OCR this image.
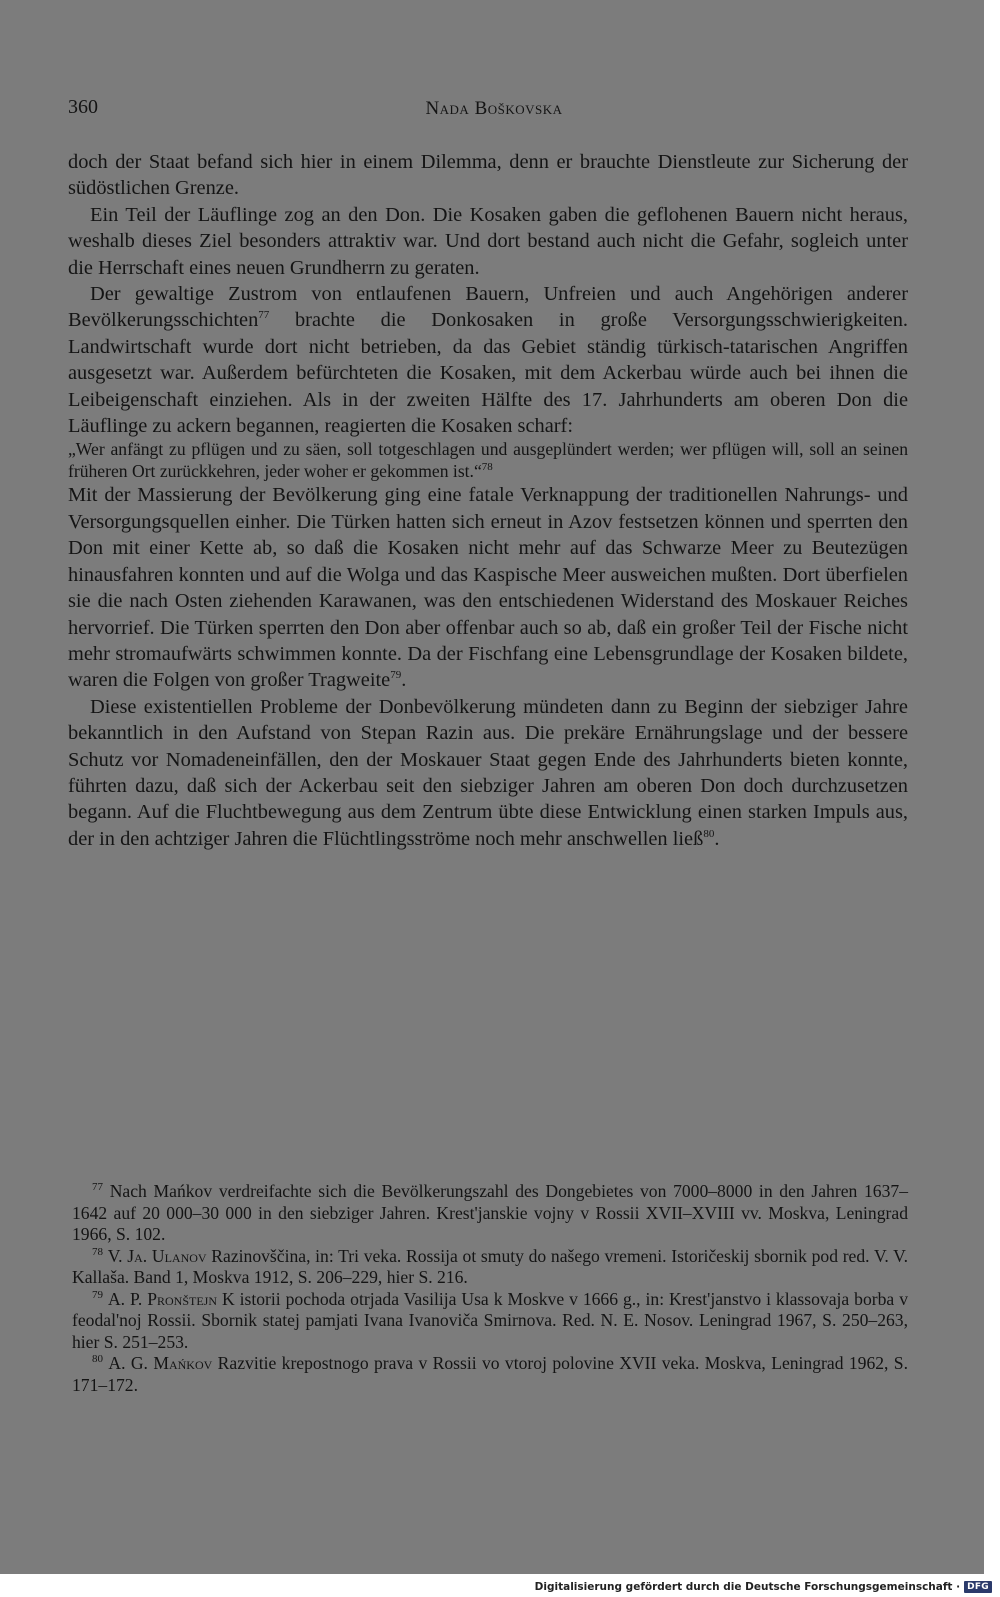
360	Nada Boškovska

doch der Staat befand sich hier in einem Dilemma, denn er brauchte Dienstleute zur Sicherung der südöstlichen Grenze.

Ein Teil der Läuflinge zog an den Don. Die Kosaken gaben die geflohenen Bauern nicht heraus, weshalb dieses Ziel besonders attraktiv war. Und dort bestand auch nicht die Gefahr, sogleich unter die Herrschaft eines neuen Grundherrn zu geraten.

Der gewaltige Zustrom von entlaufenen Bauern, Unfreien und auch Angehörigen anderer Bevölkerungsschichten$^{77}$ brachte die Donkosaken in große Versorgungsschwierigkeiten. Landwirtschaft wurde dort nicht betrieben, da das Gebiet ständig türkisch-tatarischen Angriffen ausgesetzt war. Außerdem befürchteten die Kosaken, mit dem Ackerbau würde auch bei ihnen die Leibeigenschaft einziehen. Als in der zweiten Hälfte des 17. Jahrhunderts am oberen Don die Läuflinge zu ackern begannen, reagierten die Kosaken scharf:

„Wer anfängt zu pflügen und zu säen, soll totgeschlagen und ausgeplündert werden; wer pflügen will, soll an seinen früheren Ort zurückkehren, jeder woher er gekommen ist.“$^{78}$

Mit der Massierung der Bevölkerung ging eine fatale Verknappung der traditionellen Nahrungs- und Versorgungsquellen einher. Die Türken hatten sich erneut in Azov festsetzen können und sperrten den Don mit einer Kette ab, so daß die Kosaken nicht mehr auf das Schwarze Meer zu Beutezügen hinausfahren konnten und auf die Wolga und das Kaspische Meer ausweichen mußten. Dort überfielen sie die nach Osten ziehenden Karawanen, was den entschiedenen Widerstand des Moskauer Reiches hervorrief. Die Türken sperrten den Don aber offenbar auch so ab, daß ein großer Teil der Fische nicht mehr stromaufwärts schwimmen konnte. Da der Fischfang eine Lebensgrundlage der Kosaken bildete, waren die Folgen von großer Tragweite$^{79}$.

Diese existentiellen Probleme der Donbevölkerung mündeten dann zu Beginn der siebziger Jahre bekanntlich in den Aufstand von Stepan Razin aus. Die prekäre Ernährungslage und der bessere Schutz vor Nomadeneinfällen, den der Moskauer Staat gegen Ende des Jahrhunderts bieten konnte, führten dazu, daß sich der Ackerbau seit den siebziger Jahren am oberen Don doch durchzusetzen begann. Auf die Fluchtbewegung aus dem Zentrum übte diese Entwicklung einen starken Impuls aus, der in den achtziger Jahren die Flüchtlingsströme noch mehr anschwellen ließ$^{80}$.

$^{77}$ Nach Mańkov verdreifachte sich die Bevölkerungszahl des Dongebietes von 7000–8000 in den Jahren 1637–1642 auf 20 000–30 000 in den siebziger Jahren. Krest'janskie vojny v Rossii XVII–XVIII vv. Moskva, Leningrad 1966, S. 102.

$^{78}$ V. Ja. Ulanov Razinovščina, in: Tri veka. Rossija ot smuty do našego vremeni. Istoričeskij sbornik pod red. V. V. Kallaša. Band 1, Moskva 1912, S. 206–229, hier S. 216.

$^{79}$ A. P. Pronštejn K istorii pochoda otrjada Vasilija Usa k Moskve v 1666 g., in: Krest'janstvo i klassovaja borba v feodal'noj Rossii. Sbornik statej pamjati Ivana Ivanoviča Smirnova. Red. N. E. Nosov. Leningrad 1967, S. 250–263, hier S. 251–253.

$^{80}$ A. G. Mańkov Razvitie krepostnogo prava v Rossii vo vtoroj polovine XVII veka. Moskva, Leningrad 1962, S. 171–172.

Digitalisierung gefördert durch die Deutsche Forschungsgemeinschaft · DFG
